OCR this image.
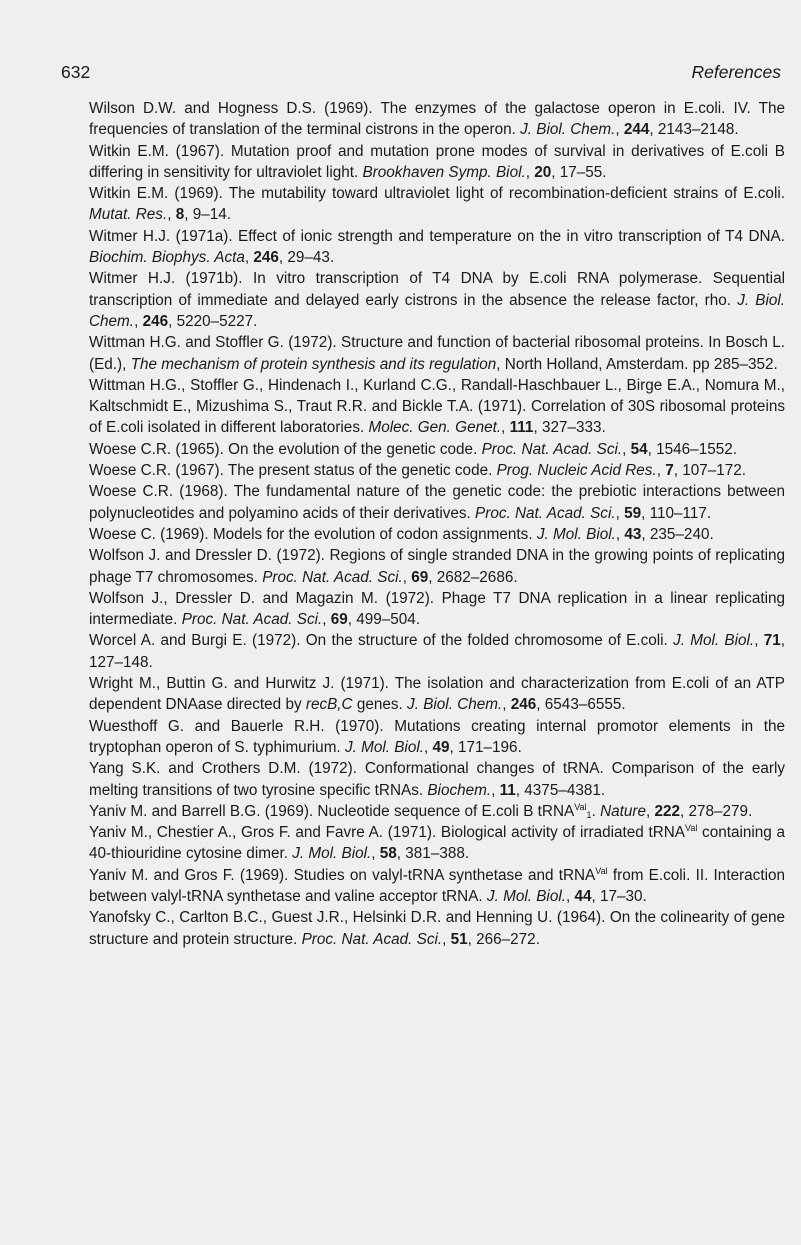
632	References

Wilson D.W. and Hogness D.S. (1969). The enzymes of the galactose operon in E.coli. IV. The frequencies of translation of the terminal cistrons in the operon. J. Biol. Chem., 244, 2143–2148.

Witkin E.M. (1967). Mutation proof and mutation prone modes of survival in derivatives of E.coli B differing in sensitivity for ultraviolet light. Brookhaven Symp. Biol., 20, 17–55.

Witkin E.M. (1969). The mutability toward ultraviolet light of recombination-deficient strains of E.coli. Mutat. Res., 8, 9–14.

Witmer H.J. (1971a). Effect of ionic strength and temperature on the in vitro transcription of T4 DNA. Biochim. Biophys. Acta, 246, 29–43.

Witmer H.J. (1971b). In vitro transcription of T4 DNA by E.coli RNA polymerase. Sequential transcription of immediate and delayed early cistrons in the absence the release factor, rho. J. Biol. Chem., 246, 5220–5227.

Wittman H.G. and Stoffler G. (1972). Structure and function of bacterial ribosomal proteins. In Bosch L. (Ed.), The mechanism of protein synthesis and its regulation, North Holland, Amsterdam. pp 285–352.

Wittman H.G., Stoffler G., Hindenach I., Kurland C.G., Randall-Haschbauer L., Birge E.A., Nomura M., Kaltschmidt E., Mizushima S., Traut R.R. and Bickle T.A. (1971). Correlation of 30S ribosomal proteins of E.coli isolated in different laboratories. Molec. Gen. Genet., 111, 327–333.

Woese C.R. (1965). On the evolution of the genetic code. Proc. Nat. Acad. Sci., 54, 1546–1552.

Woese C.R. (1967). The present status of the genetic code. Prog. Nucleic Acid Res., 7, 107–172.

Woese C.R. (1968). The fundamental nature of the genetic code: the prebiotic interactions between polynucleotides and polyamino acids of their derivatives. Proc. Nat. Acad. Sci., 59, 110–117.

Woese C. (1969). Models for the evolution of codon assignments. J. Mol. Biol., 43, 235–240.

Wolfson J. and Dressler D. (1972). Regions of single stranded DNA in the growing points of replicating phage T7 chromosomes. Proc. Nat. Acad. Sci., 69, 2682–2686.

Wolfson J., Dressler D. and Magazin M. (1972). Phage T7 DNA replication in a linear replicating intermediate. Proc. Nat. Acad. Sci., 69, 499–504.

Worcel A. and Burgi E. (1972). On the structure of the folded chromosome of E.coli. J. Mol. Biol., 71, 127–148.

Wright M., Buttin G. and Hurwitz J. (1971). The isolation and characterization from E.coli of an ATP dependent DNAase directed by recB,C genes. J. Biol. Chem., 246, 6543–6555.

Wuesthoff G. and Bauerle R.H. (1970). Mutations creating internal promotor elements in the tryptophan operon of S. typhimurium. J. Mol. Biol., 49, 171–196.

Yang S.K. and Crothers D.M. (1972). Conformational changes of tRNA. Comparison of the early melting transitions of two tyrosine specific tRNAs. Biochem., 11, 4375–4381.

Yaniv M. and Barrell B.G. (1969). Nucleotide sequence of E.coli B tRNA$^{Val}_1$. Nature, 222, 278–279.

Yaniv M., Chestier A., Gros F. and Favre A. (1971). Biological activity of irradiated tRNA$^{Val}$ containing a 40-thiouridine cytosine dimer. J. Mol. Biol., 58, 381–388.

Yaniv M. and Gros F. (1969). Studies on valyl-tRNA synthetase and tRNA$^{Val}$ from E.coli. II. Interaction between valyl-tRNA synthetase and valine acceptor tRNA. J. Mol. Biol., 44, 17–30.

Yanofsky C., Carlton B.C., Guest J.R., Helsinki D.R. and Henning U. (1964). On the colinearity of gene structure and protein structure. Proc. Nat. Acad. Sci., 51, 266–272.
